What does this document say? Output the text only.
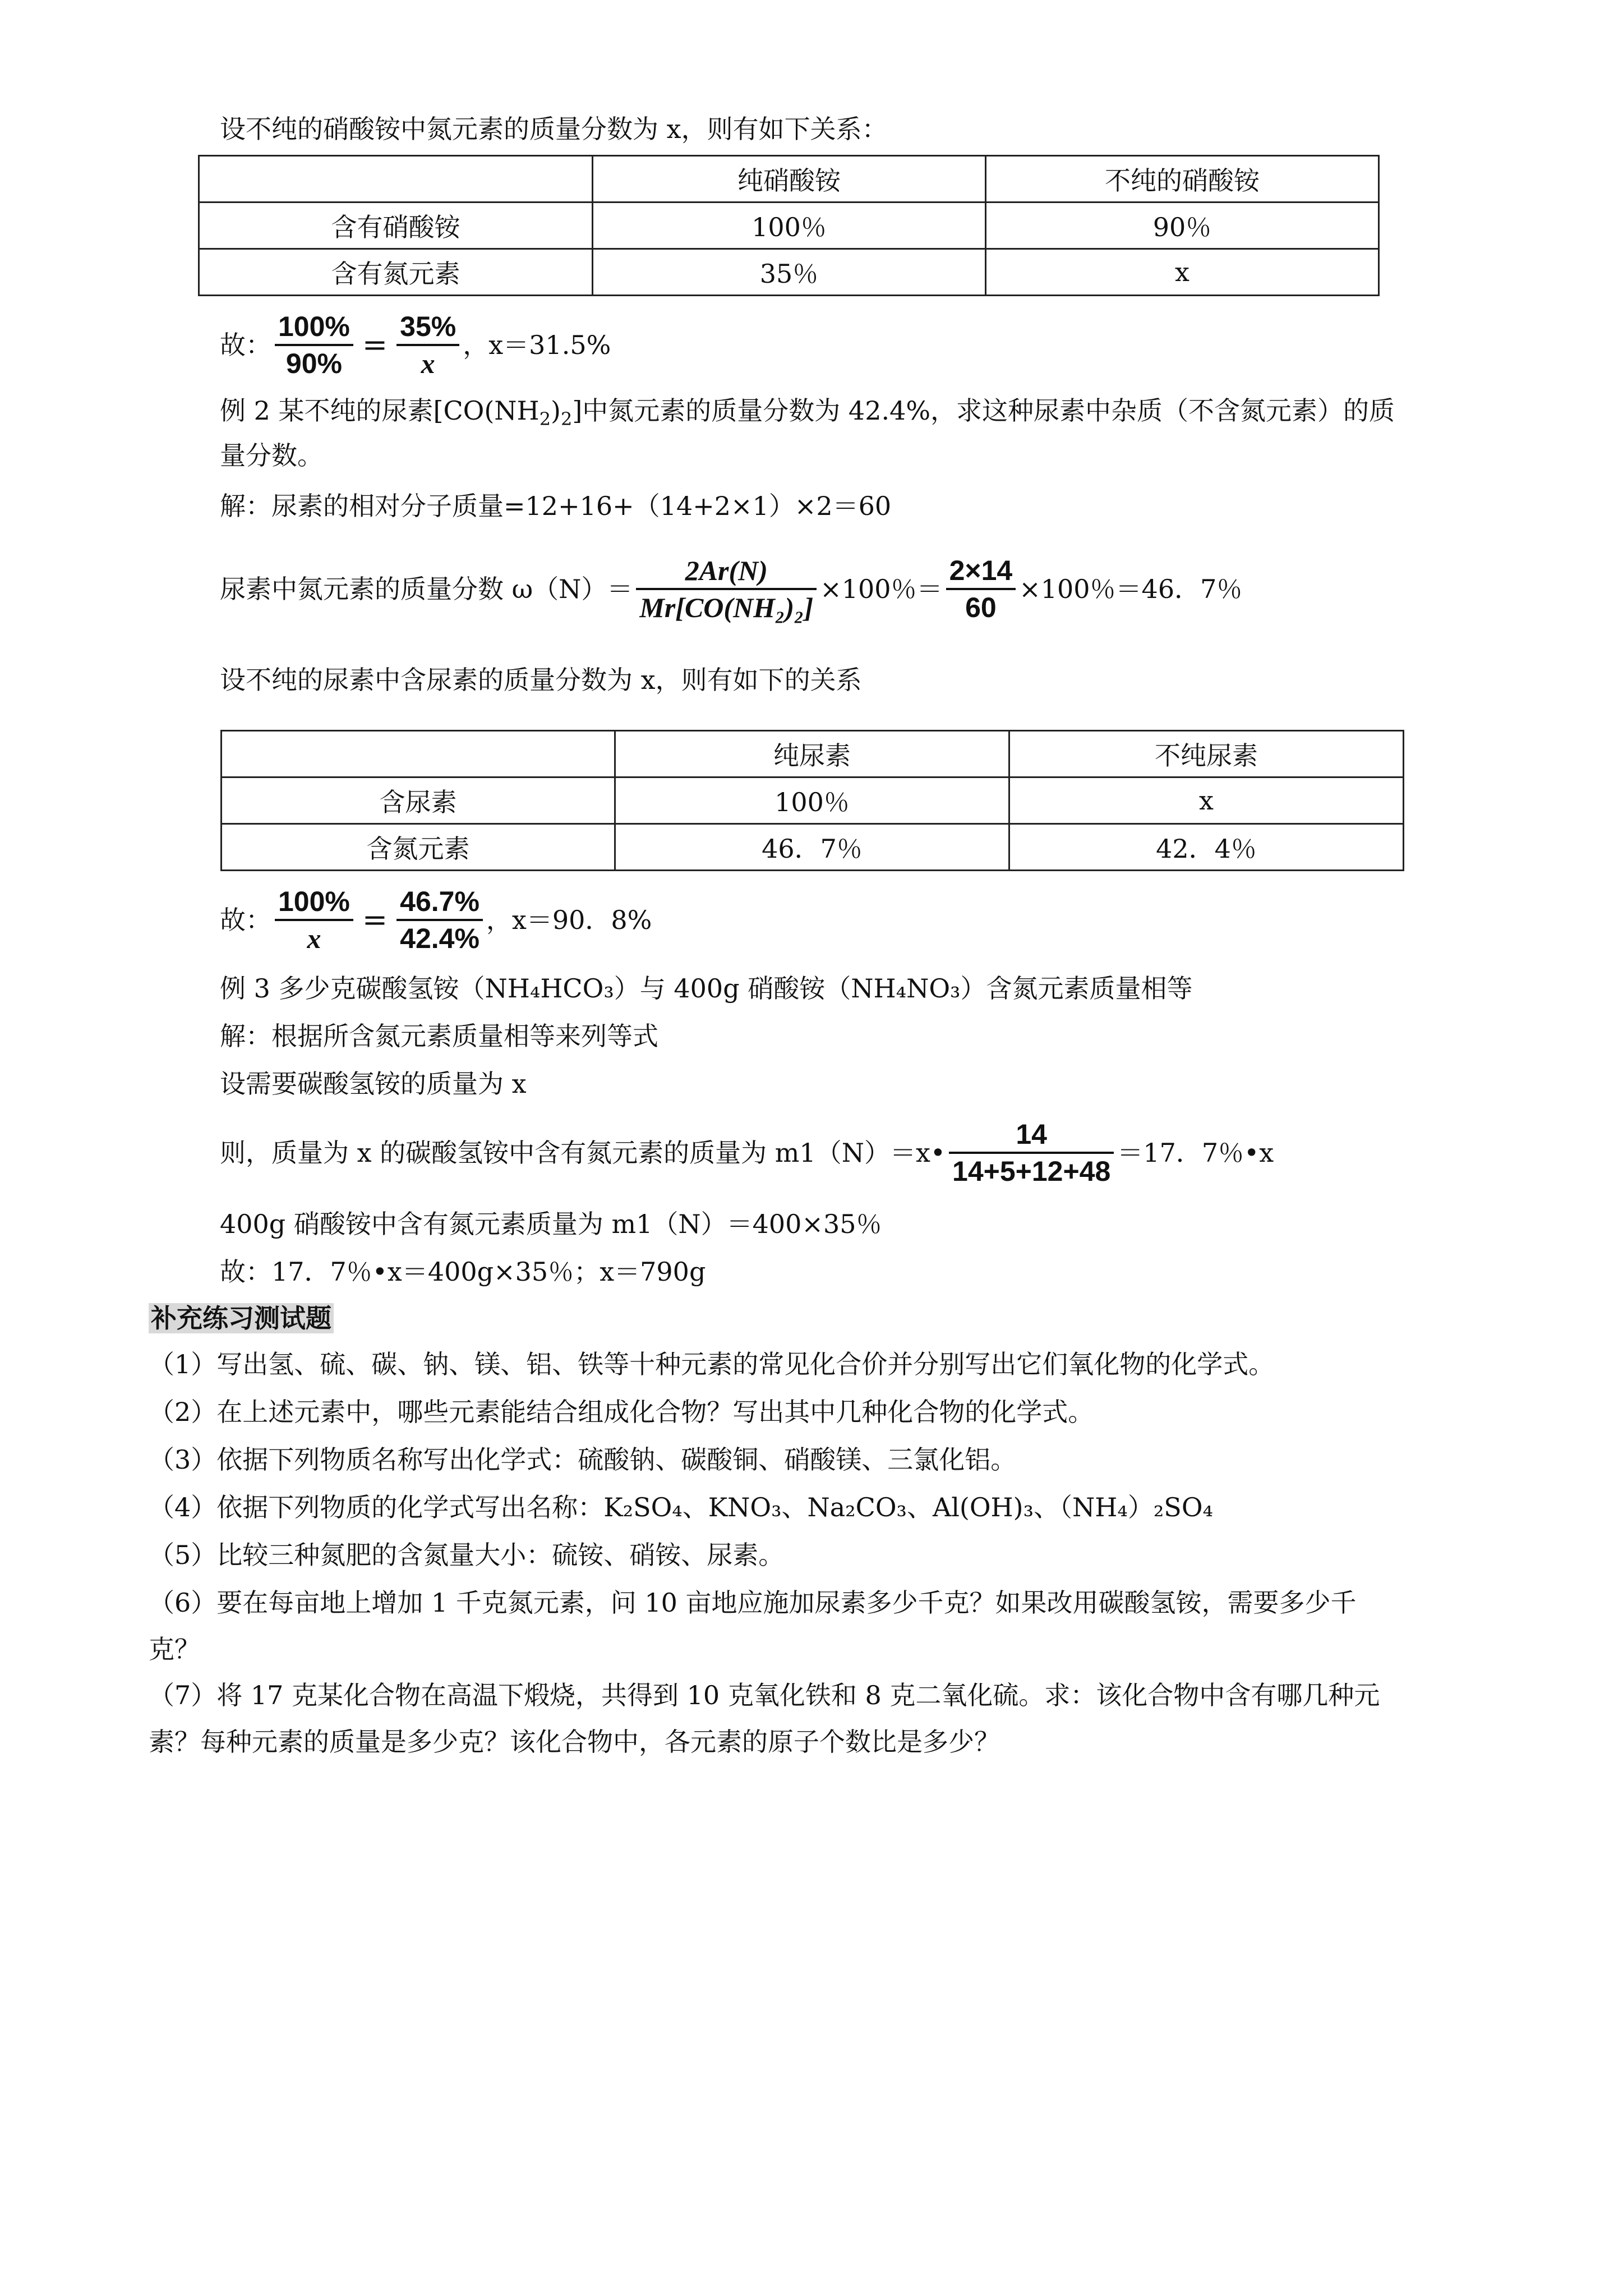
设不纯的硝酸铵中氮元素的质量分数为 x，则有如下关系：
	纯硝酸铵	不纯的硝酸铵
含有硝酸铵	100％	90％
含有氮元素	35％	x
故： $\frac{100\%}{90\%} = \frac{35\%}{x}$ ，x＝31.5%
例 2 某不纯的尿素$[CO(NH_2)_2]$中氮元素的质量分数为 42.4%，求这种尿素中杂质（不含氮元素）的质
量分数。
解：尿素的相对分子质量=12+16+（14+2×1）×2＝60
尿素中氮元素的质量分数 $\omega(N)= \frac{2Ar(N)}{\text{Mr[CO(NH₂)₂]}} \times 100$％＝ $\frac{2\times 14}{60} \times 100$％＝46．7％
设不纯的尿素中含尿素的质量分数为 x，则有如下的关系
	纯尿素	不纯尿素
含尿素	100％	x
含氮元素	46．7％	42．4％
故： $\frac{100\%}{x} = \frac{46.7\%}{42.4\%}$ ，x＝90．8%
例 3 多少克碳酸氢铵（NH₄HCO₃）与 400g 硝酸铵（NH₄NO₃）含氮元素质量相等
解：根据所含氮元素质量相等来列等式
设需要碳酸氢铵的质量为 x
则，质量为 x 的碳酸氢铵中含有氮元素的质量为 m1（N）＝x• $\frac{14}{14+5+12+48} =17$．7％•x
400g 硝酸铵中含有氮元素质量为 m1（N）＝400×35％
故：17．7％•x＝400g×35％；x＝790g
补充练习测试题
（1）写出氢、硫、碳、钠、镁、铝、铁等十种元素的常见化合价并分别写出它们氧化物的化学式。
（2）在上述元素中，哪些元素能结合组成化合物？写出其中几种化合物的化学式。
（3）依据下列物质名称写出化学式：硫酸钠、碳酸铜、硝酸镁、三氯化铝。
（4）依据下列物质的化学式写出名称：K₂SO₄、KNO₃、Na₂CO₃、Al(OH)₃、（NH₄）₂SO₄
（5）比较三种氮肥的含氮量大小：硫铵、硝铵、尿素。
（6）要在每亩地上增加 1 千克氮元素，问 10 亩地应施加尿素多少千克？如果改用碳酸氢铵，需要多少千
克？
（7）将 17 克某化合物在高温下煅烧，共得到 10 克氧化铁和 8 克二氧化硫。求：该化合物中含有哪几种元
素？每种元素的质量是多少克？该化合物中，各元素的原子个数比是多少？
